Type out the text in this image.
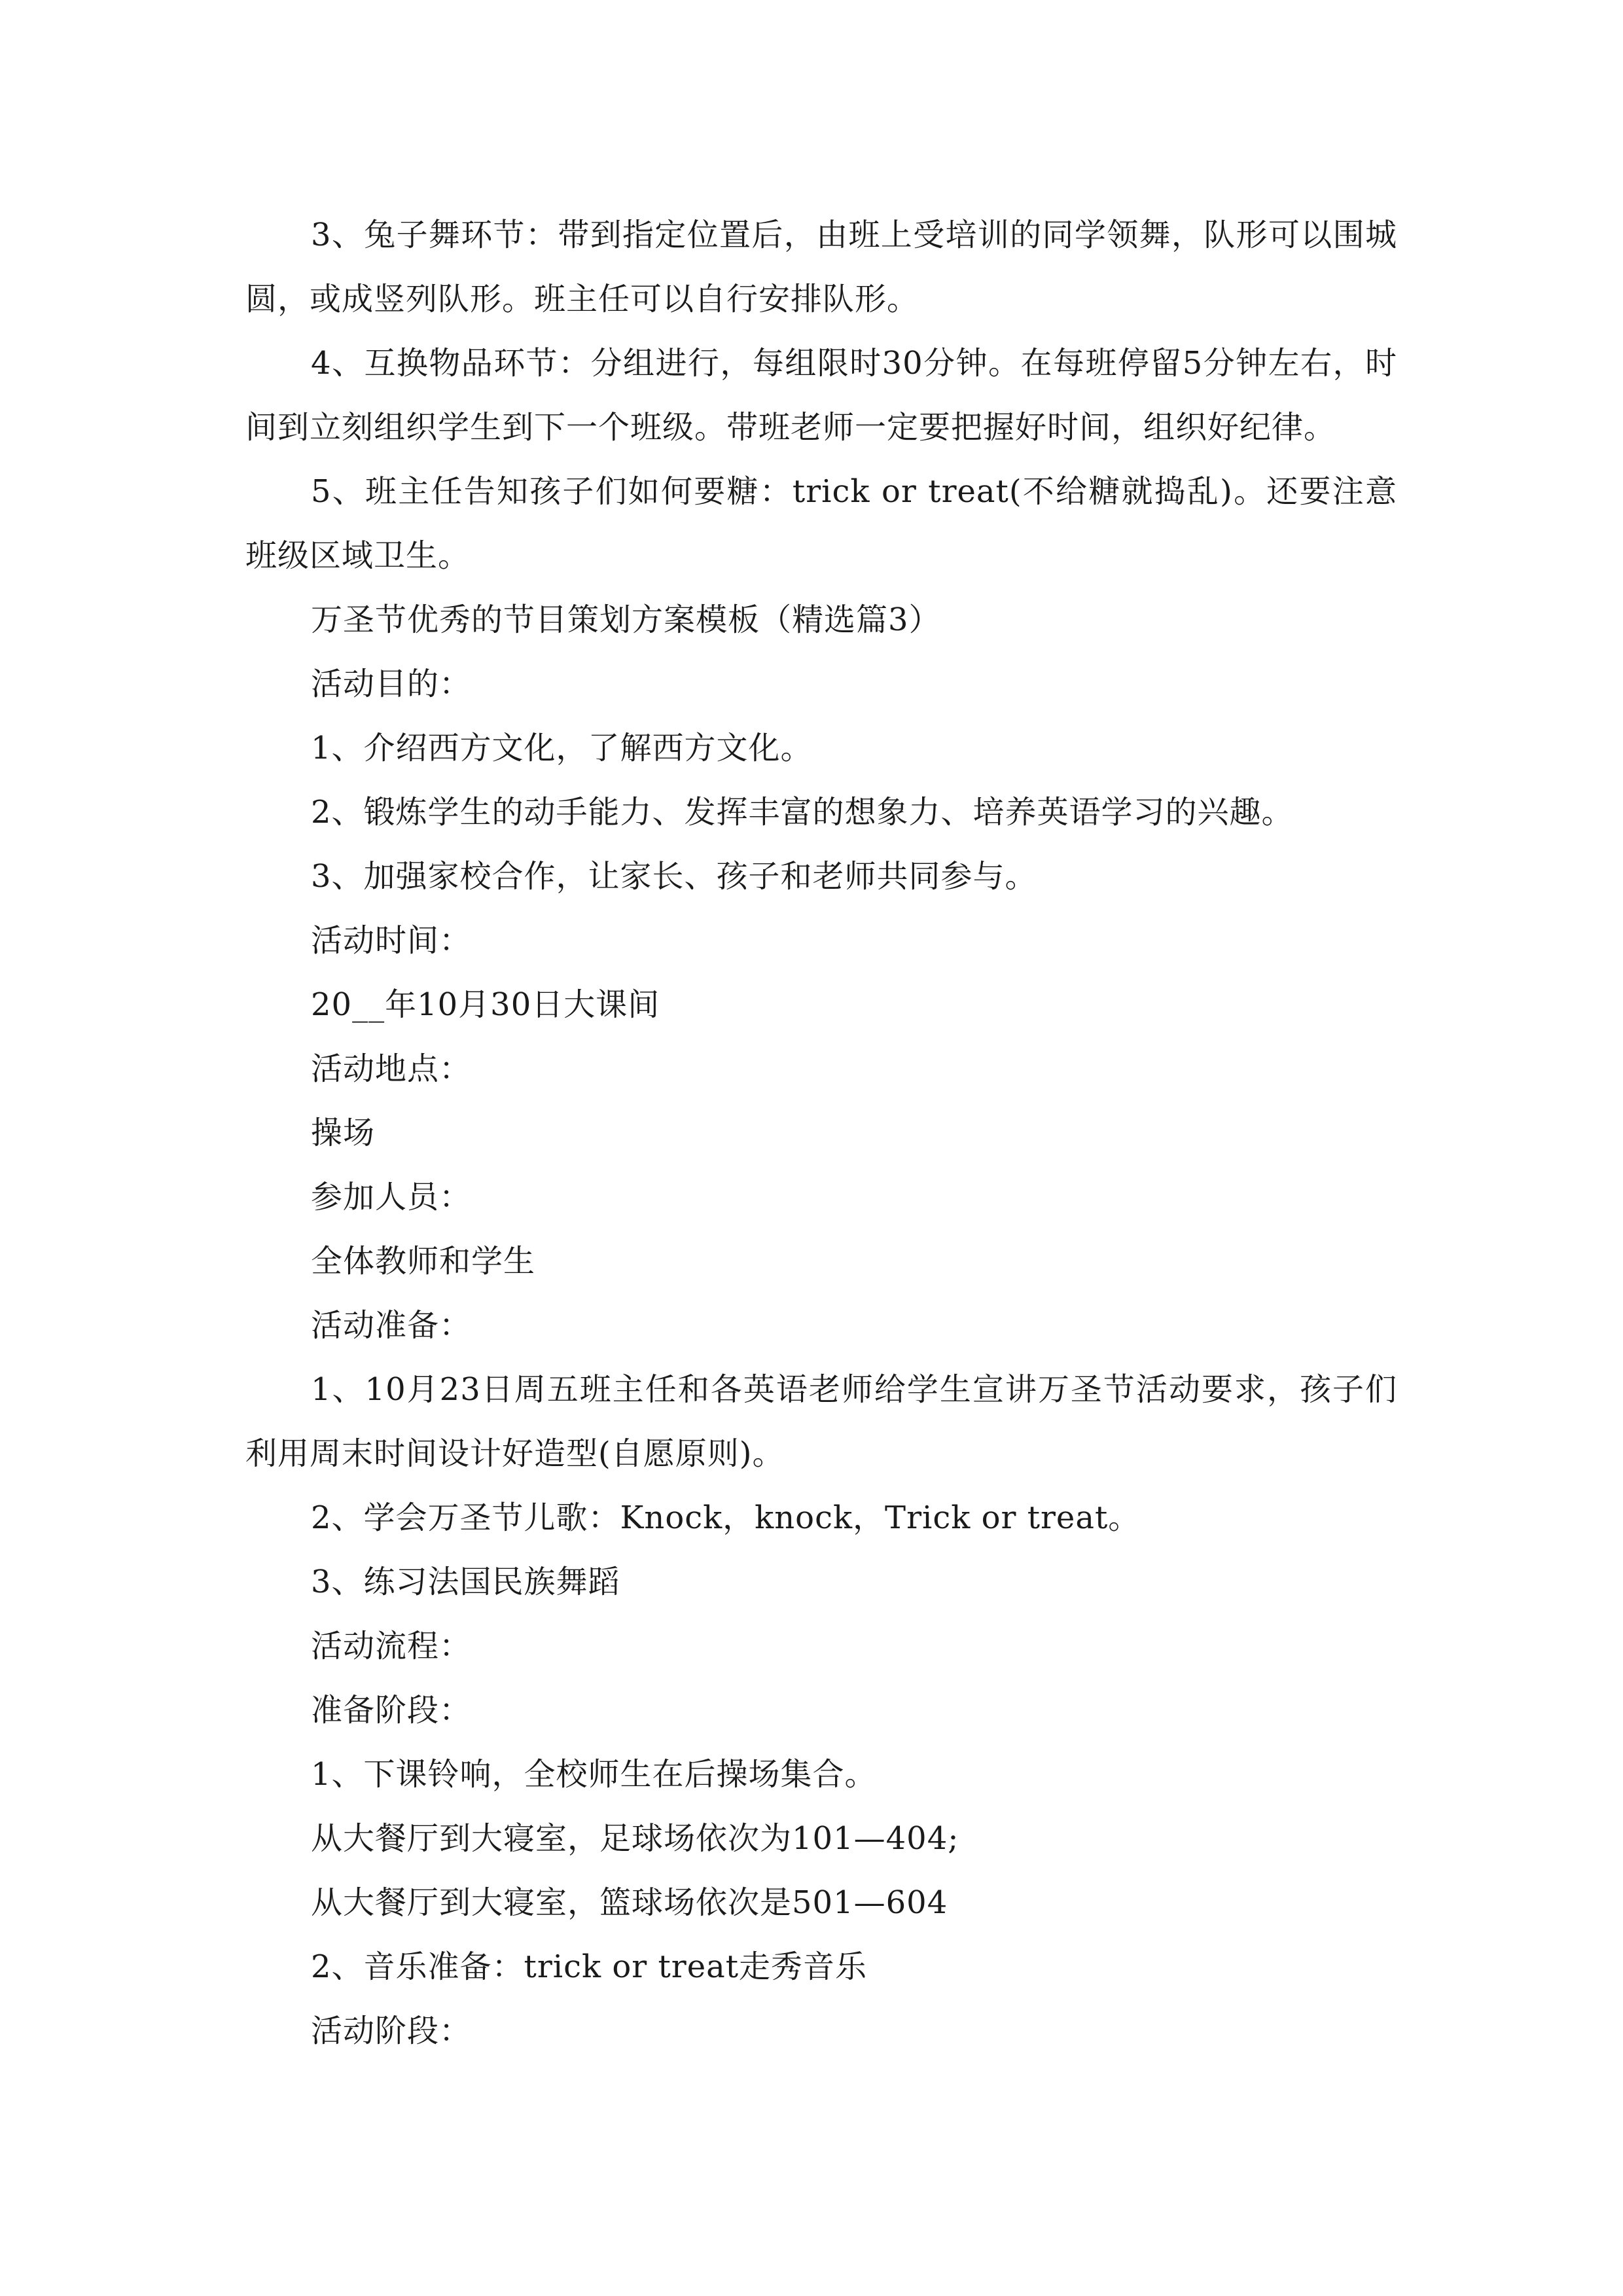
3、兔子舞环节：带到指定位置后，由班上受培训的同学领舞，队形可以围城圆，或成竖列队形。班主任可以自行安排队形。

4、互换物品环节：分组进行，每组限时30分钟。在每班停留5分钟左右，时间到立刻组织学生到下一个班级。带班老师一定要把握好时间，组织好纪律。

5、班主任告知孩子们如何要糖：trick or treat(不给糖就捣乱)。还要注意班级区域卫生。

万圣节优秀的节目策划方案模板（精选篇3）

活动目的：

1、介绍西方文化，了解西方文化。

2、锻炼学生的动手能力、发挥丰富的想象力、培养英语学习的兴趣。

3、加强家校合作，让家长、孩子和老师共同参与。

活动时间：

20__年10月30日大课间

活动地点：

操场

参加人员：

全体教师和学生

活动准备：

1、10月23日周五班主任和各英语老师给学生宣讲万圣节活动要求，孩子们利用周末时间设计好造型(自愿原则)。

2、学会万圣节儿歌：Knock，knock，Trick or treat。

3、练习法国民族舞蹈

活动流程：

准备阶段：

1、下课铃响，全校师生在后操场集合。

从大餐厅到大寝室，足球场依次为101—404;

从大餐厅到大寝室，篮球场依次是501—604

2、音乐准备：trick or treat走秀音乐

活动阶段：
